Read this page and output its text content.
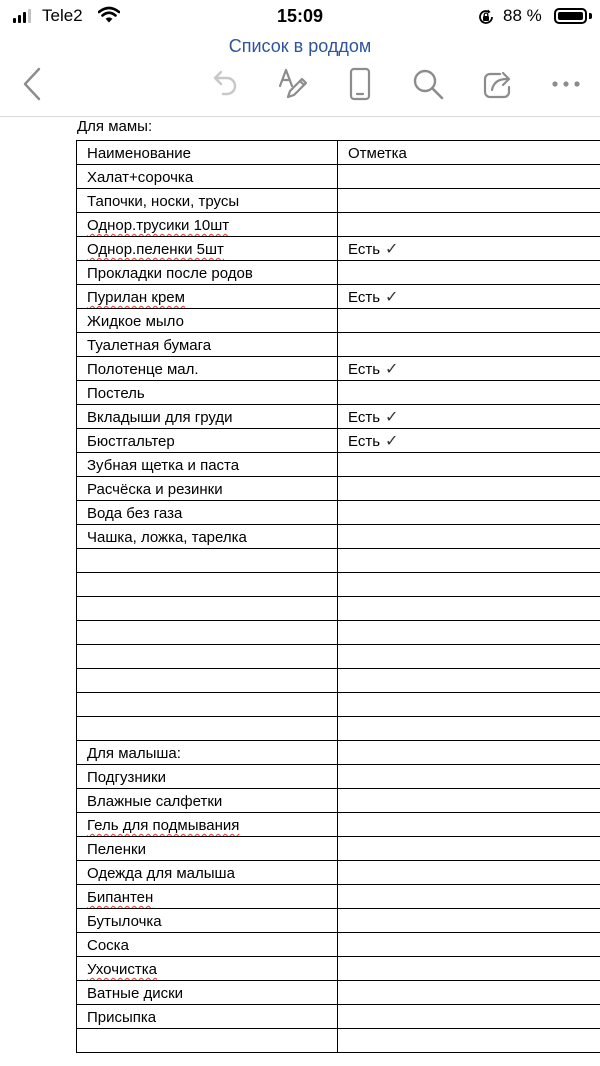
Tele2	15:09	88 %
Список в роддом
Для мамы:
Наименование	Отметка	
Халат+сорочка		
Тапочки, носки, трусы		
Однор.трусики 10шт		
Однор.пеленки 5шт	Есть ✓	
Прокладки после родов		
Пурилан крем	Есть ✓	
Жидкое мыло		
Туалетная бумага		
Полотенце мал.	Есть ✓	
Постель		
Вкладыши для груди	Есть ✓	
Бюстгальтер	Есть ✓	
Зубная щетка и паста		
Расчёска и резинки		
Вода без газа		
Чашка, ложка, тарелка		

Для малыша:		
Подгузники		
Влажные салфетки		
Гель для подмывания		
Пеленки		
Одежда для малыша		
Бипантен		
Бутылочка		
Соска		
Ухочистка		
Ватные диски		
Присыпка		
